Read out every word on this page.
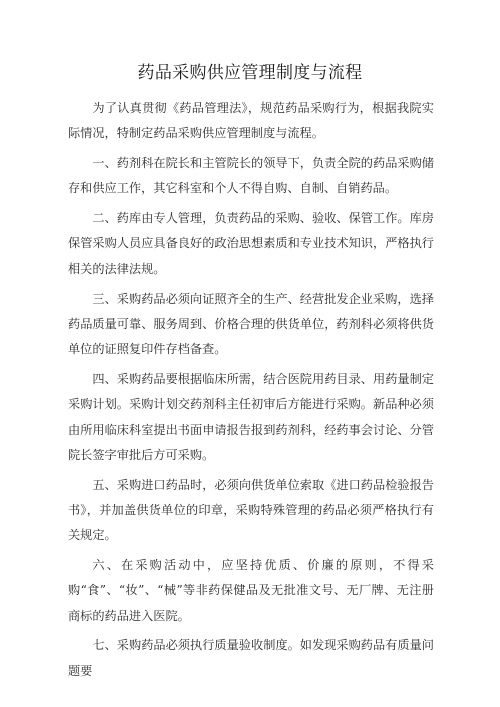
药品采购供应管理制度与流程

为了认真贯彻《药品管理法》，规范药品采购行为，根据我院实际情况，特制定药品采购供应管理制度与流程。

一、药剂科在院长和主管院长的领导下，负责全院的药品采购储存和供应工作，其它科室和个人不得自购、自制、自销药品。

二、药库由专人管理，负责药品的采购、验收、保管工作。库房保管采购人员应具备良好的政治思想素质和专业技术知识，严格执行相关的法律法规。

三、采购药品必须向证照齐全的生产、经营批发企业采购，选择药品质量可靠、服务周到、价格合理的供货单位，药剂科必须将供货单位的证照复印件存档备查。

四、采购药品要根据临床所需，结合医院用药目录、用药量制定采购计划。采购计划交药剂科主任初审后方能进行采购。新品种必须由所用临床科室提出书面申请报告报到药剂科，经药事会讨论、分管院长签字审批后方可采购。

五、采购进口药品时，必须向供货单位索取《进口药品检验报告书》，并加盖供货单位的印章，采购特殊管理的药品必须严格执行有关规定。

六、在采购活动中，应坚持优质、价廉的原则，不得采购“食”、“妆”、“械”等非药保健品及无批准文号、无厂牌、无注册商标的药品进入医院。

七、采购药品必须执行质量验收制度。如发现采购药品有质量问题要
